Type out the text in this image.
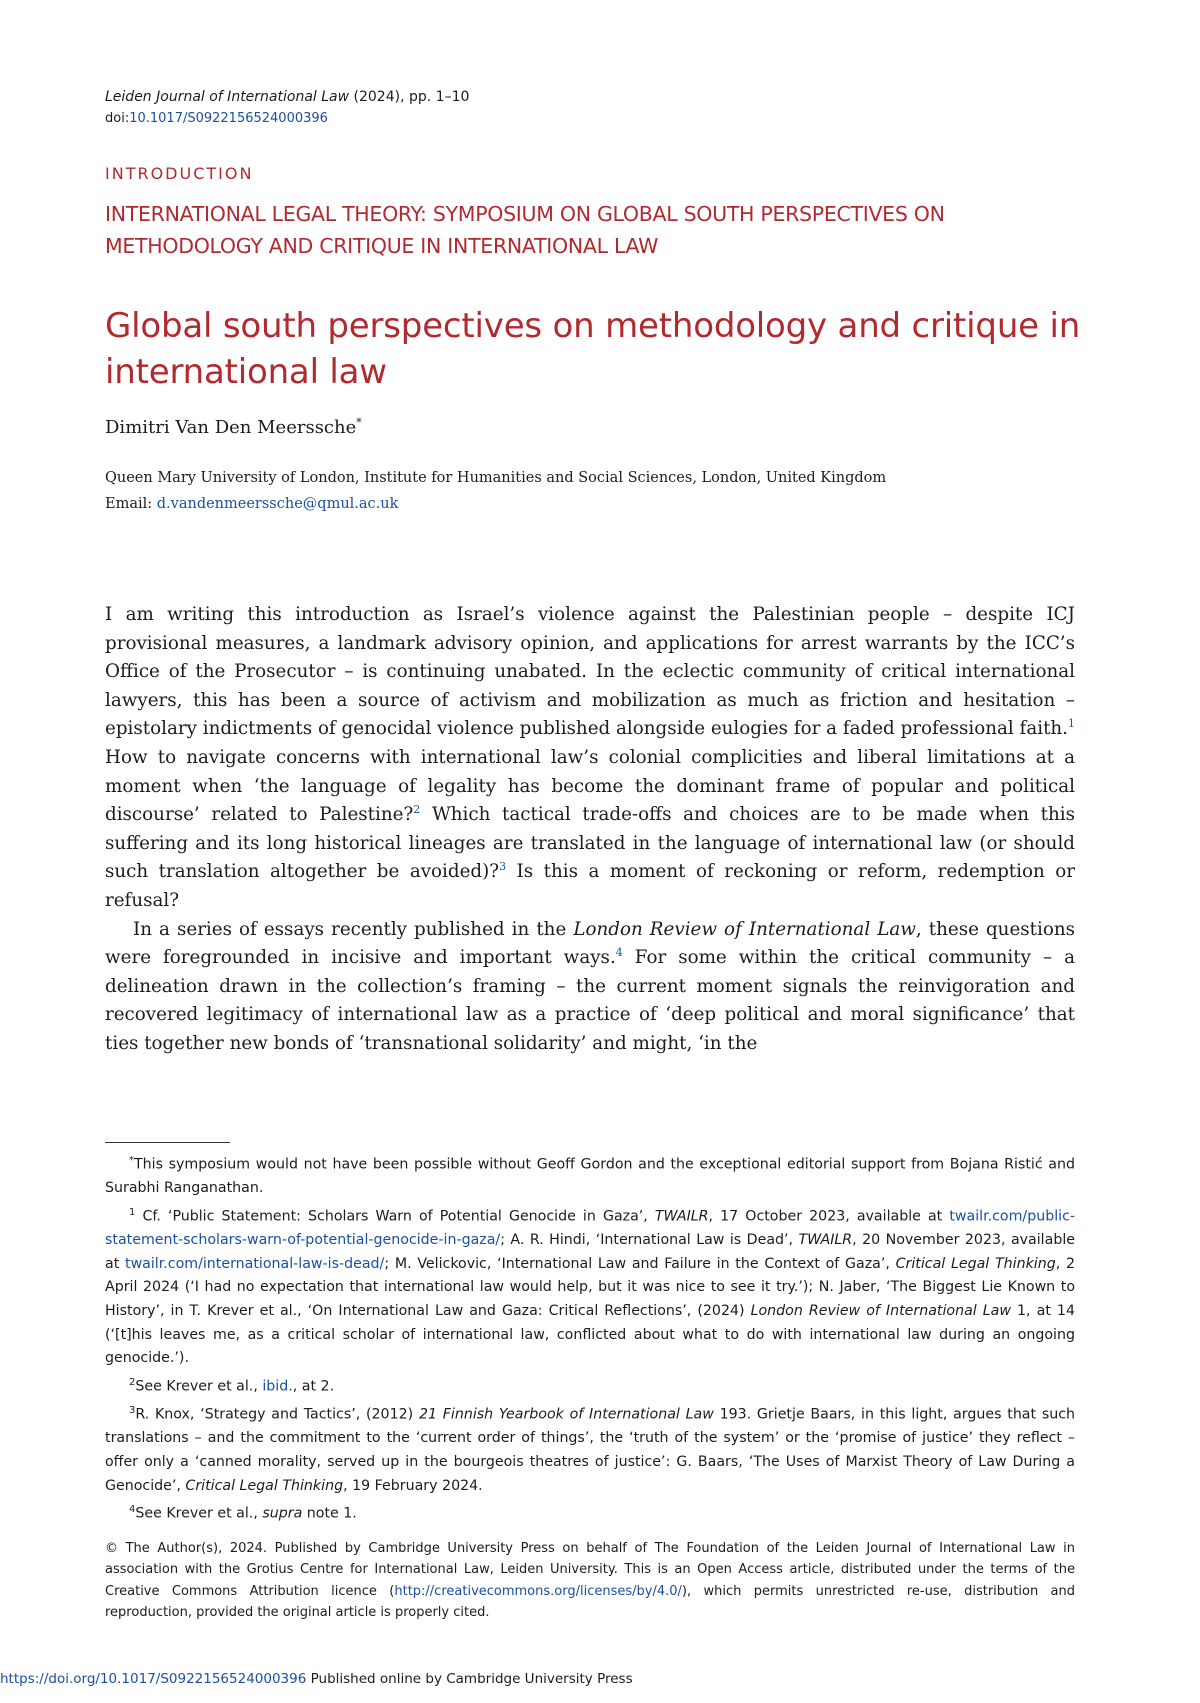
Leiden Journal of International Law (2024), pp. 1–10
doi:10.1017/S0922156524000396
INTRODUCTION
INTERNATIONAL LEGAL THEORY: SYMPOSIUM ON GLOBAL SOUTH PERSPECTIVES ON METHODOLOGY AND CRITIQUE IN INTERNATIONAL LAW
Global south perspectives on methodology and critique in international law
Dimitri Van Den Meerssche*
Queen Mary University of London, Institute for Humanities and Social Sciences, London, United Kingdom
Email: d.vandenmeerssche@qmul.ac.uk

I am writing this introduction as Israel’s violence against the Palestinian people – despite ICJ provisional measures, a landmark advisory opinion, and applications for arrest warrants by the ICC’s Office of the Prosecutor – is continuing unabated. In the eclectic community of critical international lawyers, this has been a source of activism and mobilization as much as friction and hesitation – epistolary indictments of genocidal violence published alongside eulogies for a faded professional faith.$^1$ How to navigate concerns with international law’s colonial complicities and liberal limitations at a moment when ‘the language of legality has become the dominant frame of popular and political discourse’ related to Palestine?$^2$ Which tactical trade-offs and choices are to be made when this suffering and its long historical lineages are translated in the language of international law (or should such translation altogether be avoided)?$^3$ Is this a moment of reckoning or reform, redemption or refusal?

In a series of essays recently published in the London Review of International Law, these questions were foregrounded in incisive and important ways.$^4$ For some within the critical community – a delineation drawn in the collection’s framing – the current moment signals the reinvigoration and recovered legitimacy of international law as a practice of ‘deep political and moral significance’ that ties together new bonds of ‘transnational solidarity’ and might, ‘in the

*This symposium would not have been possible without Geoff Gordon and the exceptional editorial support from Bojana Ristić and Surabhi Ranganathan.

$^1$ Cf. ‘Public Statement: Scholars Warn of Potential Genocide in Gaza’, TWAILR, 17 October 2023, available at twailr.com/public-statement-scholars-warn-of-potential-genocide-in-gaza/; A. R. Hindi, ‘International Law is Dead’, TWAILR, 20 November 2023, available at twailr.com/international-law-is-dead/; M. Velickovic, ‘International Law and Failure in the Context of Gaza’, Critical Legal Thinking, 2 April 2024 (‘I had no expectation that international law would help, but it was nice to see it try.’); N. Jaber, ‘The Biggest Lie Known to History’, in T. Krever et al., ‘On International Law and Gaza: Critical Reflections’, (2024) London Review of International Law 1, at 14 (‘[t]his leaves me, as a critical scholar of international law, conflicted about what to do with international law during an ongoing genocide.’).

$^2$See Krever et al., ibid., at 2.

$^3$R. Knox, ‘Strategy and Tactics’, (2012) 21 Finnish Yearbook of International Law 193. Grietje Baars, in this light, argues that such translations – and the commitment to the ‘current order of things’, the ‘truth of the system’ or the ‘promise of justice’ they reflect – offer only a ‘canned morality, served up in the bourgeois theatres of justice’: G. Baars, ‘The Uses of Marxist Theory of Law During a Genocide’, Critical Legal Thinking, 19 February 2024.

$^4$See Krever et al., supra note 1.

© The Author(s), 2024. Published by Cambridge University Press on behalf of The Foundation of the Leiden Journal of International Law in association with the Grotius Centre for International Law, Leiden University. This is an Open Access article, distributed under the terms of the Creative Commons Attribution licence (http://creativecommons.org/licenses/by/4.0/), which permits unrestricted re-use, distribution and reproduction, provided the original article is properly cited.
https://doi.org/10.1017/S0922156524000396 Published online by Cambridge University Press
